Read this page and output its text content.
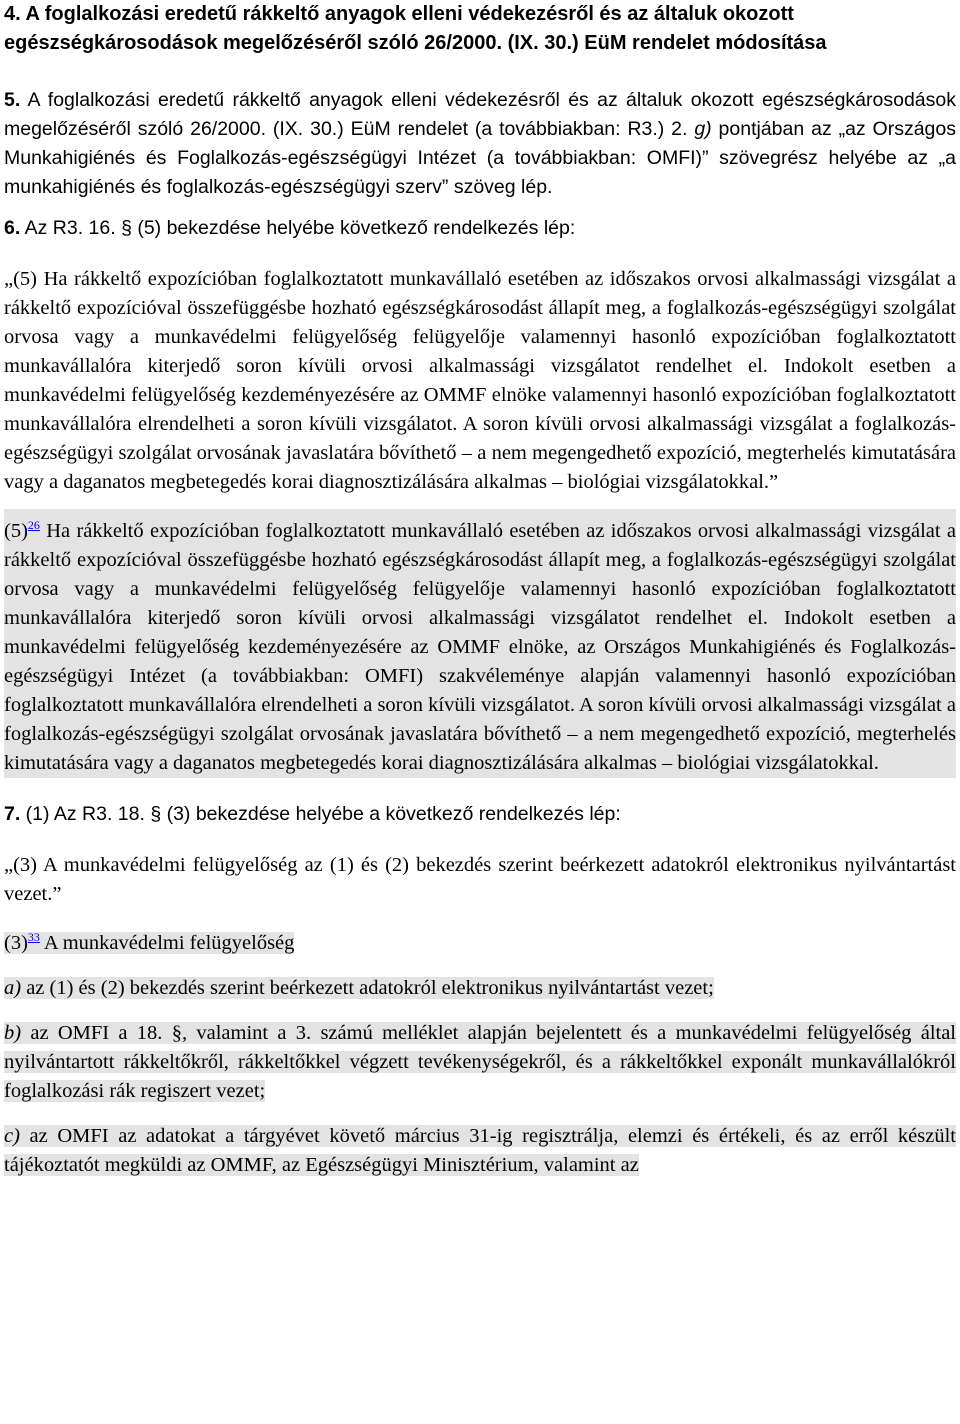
4. A foglalkozási eredetű rákkeltő anyagok elleni védekezésről és az általuk okozott egészségkárosodások megelőzéséről szóló 26/2000. (IX. 30.) EüM rendelet módosítása

5. A foglalkozási eredetű rákkeltő anyagok elleni védekezésről és az általuk okozott egészségkárosodások megelőzéséről szóló 26/2000. (IX. 30.) EüM rendelet (a továbbiakban: R3.) 2. g) pontjában az „az Országos Munkahigiénés és Foglalkozás-egészségügyi Intézet (a továbbiakban: OMFI)” szövegrész helyébe az „a munkahigiénés és foglalkozás-egészségügyi szerv” szöveg lép.

6. Az R3. 16. § (5) bekezdése helyébe következő rendelkezés lép:

„(5) Ha rákkeltő expozícióban foglalkoztatott munkavállaló esetében az időszakos orvosi alkalmassági vizsgálat a rákkeltő expozícióval összefüggésbe hozható egészségkárosodást állapít meg, a foglalkozás-egészségügyi szolgálat orvosa vagy a munkavédelmi felügyelőség felügyelője valamennyi hasonló expozícióban foglalkoztatott munkavállalóra kiterjedő soron kívüli orvosi alkalmassági vizsgálatot rendelhet el. Indokolt esetben a munkavédelmi felügyelőség kezdeményezésére az OMMF elnöke valamennyi hasonló expozícióban foglalkoztatott munkavállalóra elrendelheti a soron kívüli vizsgálatot. A soron kívüli orvosi alkalmassági vizsgálat a foglalkozás-egészségügyi szolgálat orvosának javaslatára bővíthető – a nem megengedhető expozíció, megterhelés kimutatására vagy a daganatos megbetegedés korai diagnosztizálására alkalmas – biológiai vizsgálatokkal.”

$(5)^{26}$ Ha rákkeltő expozícióban foglalkoztatott munkavállaló esetében az időszakos orvosi alkalmassági vizsgálat a rákkeltő expozícióval összefüggésbe hozható egészségkárosodást állapít meg, a foglalkozás-egészségügyi szolgálat orvosa vagy a munkavédelmi felügyelőség felügyelője valamennyi hasonló expozícióban foglalkoztatott munkavállalóra kiterjedő soron kívüli orvosi alkalmassági vizsgálatot rendelhet el. Indokolt esetben a munkavédelmi felügyelőség kezdeményezésére az OMMF elnöke, az Országos Munkahigiénés és Foglalkozás-egészségügyi Intézet (a továbbiakban: OMFI) szakvéleménye alapján valamennyi hasonló expozícióban foglalkoztatott munkavállalóra elrendelheti a soron kívüli vizsgálatot. A soron kívüli orvosi alkalmassági vizsgálat a foglalkozás-egészségügyi szolgálat orvosának javaslatára bővíthető – a nem megengedhető expozíció, megterhelés kimutatására vagy a daganatos megbetegedés korai diagnosztizálására alkalmas – biológiai vizsgálatokkal.

7. (1) Az R3. 18. § (3) bekezdése helyébe a következő rendelkezés lép:

„(3) A munkavédelmi felügyelőség az (1) és (2) bekezdés szerint beérkezett adatokról elektronikus nyilvántartást vezet.”

$(3)^{33}$ A munkavédelmi felügyelőség

a) az (1) és (2) bekezdés szerint beérkezett adatokról elektronikus nyilvántartást vezet;

b) az OMFI a 18. §, valamint a 3. számú melléklet alapján bejelentett és a munkavédelmi felügyelőség által nyilvántartott rákkeltőkről, rákkeltőkkel végzett tevékenységekről, és a rákkeltőkkel exponált munkavállalókról foglalkozási rák regiszert vezet;

c) az OMFI az adatokat a tárgyévet követő március 31-ig regisztrálja, elemzi és értékeli, és az erről készült tájékoztatót megküldi az OMMF, az Egészségügyi Minisztérium, valamint az
